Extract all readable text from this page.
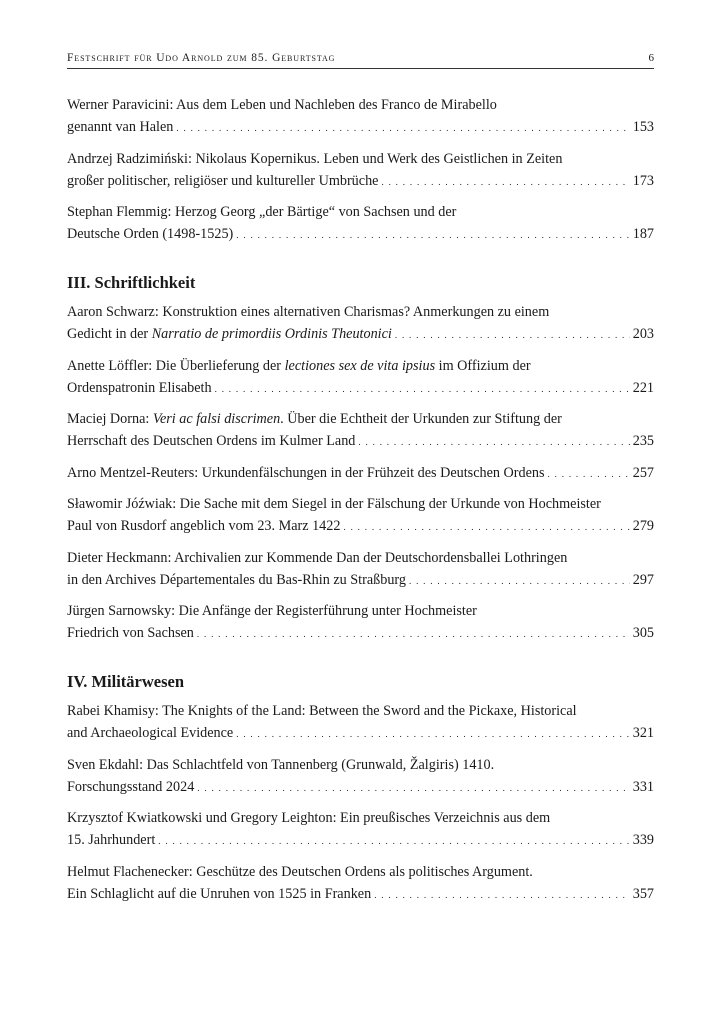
Festschrift für Udo Arnold zum 85. Geburtstag	6
Werner Paravicini: Aus dem Leben und Nachleben des Franco de Mirabello
genannt van Halen . . .	153
Andrzej Radzimiński: Nikolaus Kopernikus. Leben und Werk des Geistlichen in Zeiten
großer politischer, religiöser und kultureller Umbrüche . . .	173
Stephan Flemmig: Herzog Georg „der Bärtige“ von Sachsen und der
Deutsche Orden (1498-1525) . . .	187
III. Schriftlichkeit
Aaron Schwarz: Konstruktion eines alternativen Charismas? Anmerkungen zu einem
Gedicht in der Narratio de primordiis Ordinis Theutonici . . .	203
Anette Löffler: Die Überlieferung der lectiones sex de vita ipsius im Offizium der
Ordenspatronin Elisabeth . . .	221
Maciej Dorna: Veri ac falsi discrimen. Über die Echtheit der Urkunden zur Stiftung der
Herrschaft des Deutschen Ordens im Kulmer Land . . .	235
Arno Mentzel-Reuters: Urkundenfälschungen in der Frühzeit des Deutschen Ordens . . .	257
Sławomir Jóźwiak: Die Sache mit dem Siegel in der Fälschung der Urkunde von Hochmeister
Paul von Rusdorf angeblich vom 23. Marz 1422 . . .	279
Dieter Heckmann: Archivalien zur Kommende Dan der Deutschordensballei Lothringen
in den Archives Départementales du Bas-Rhin zu Straßburg . . .	297
Jürgen Sarnowsky: Die Anfänge der Registerführung unter Hochmeister
Friedrich von Sachsen . . .	305
IV. Militärwesen
Rabei Khamisy: The Knights of the Land: Between the Sword and the Pickaxe, Historical
and Archaeological Evidence . . .	321
Sven Ekdahl: Das Schlachtfeld von Tannenberg (Grunwald, Žalgiris) 1410.
Forschungsstand 2024 . . .	331
Krzysztof Kwiatkowski und Gregory Leighton: Ein preußisches Verzeichnis aus dem
15. Jahrhundert . . .	339
Helmut Flachenecker: Geschütze des Deutschen Ordens als politisches Argument.
Ein Schlaglicht auf die Unruhen von 1525 in Franken . . .	357
